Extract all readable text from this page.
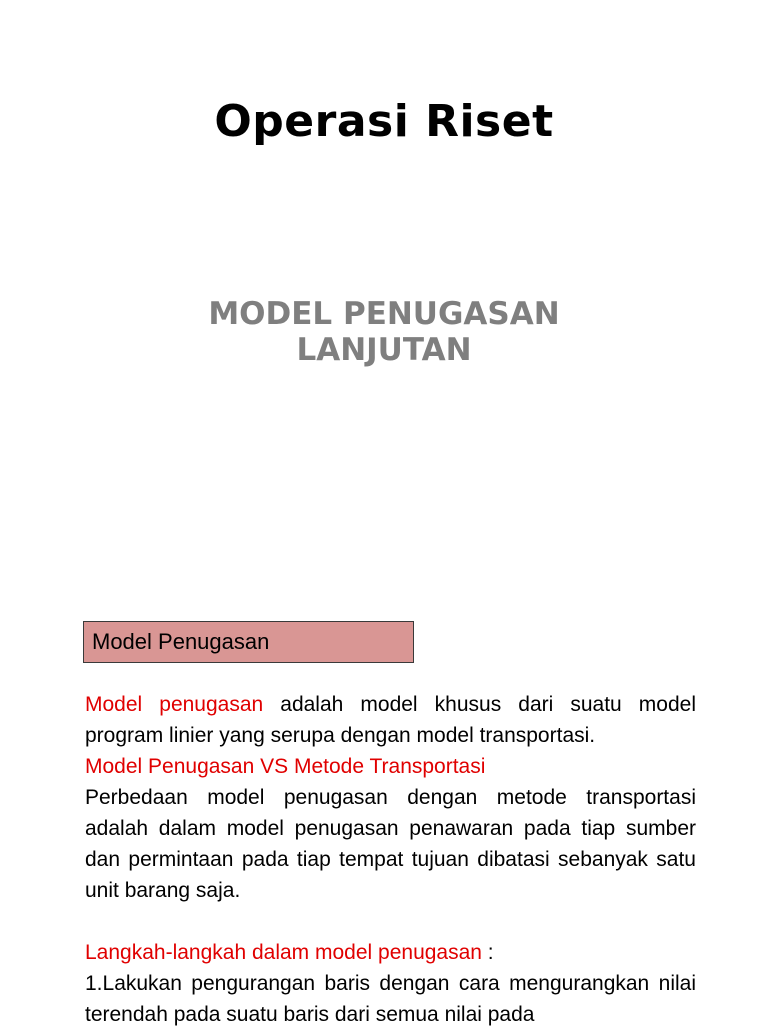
Operasi Riset
MODEL PENUGASAN
LANJUTAN
Model Penugasan

Model penugasan adalah model khusus dari suatu model program linier yang serupa dengan model transportasi.

Model Penugasan VS Metode Transportasi

Perbedaan model penugasan dengan metode transportasi adalah dalam model penugasan penawaran pada tiap sumber dan permintaan pada tiap tempat tujuan dibatasi sebanyak satu unit barang saja.

Langkah-langkah dalam model penugasan :

1.Lakukan pengurangan baris dengan cara mengurangkan nilai terendah pada suatu baris dari semua nilai pada
